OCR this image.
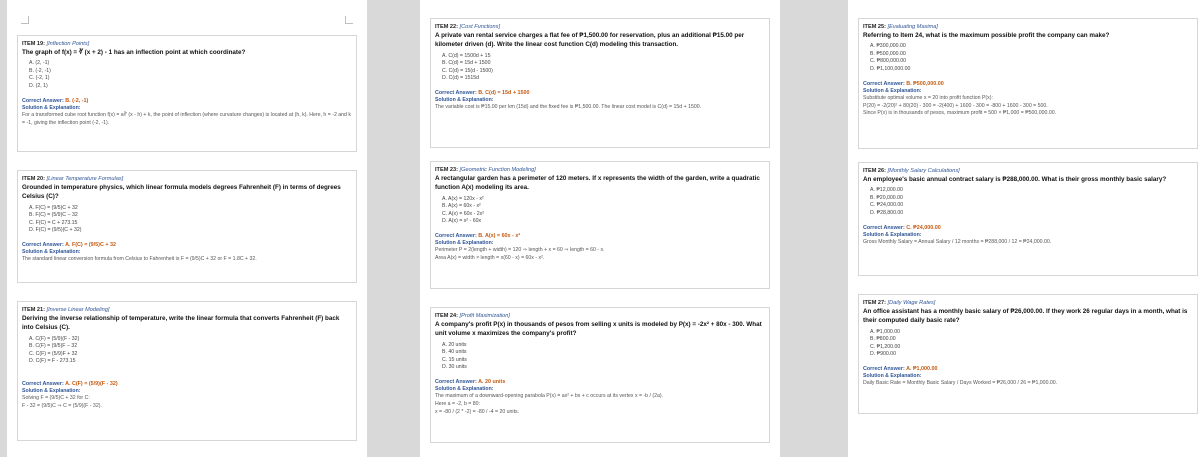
ITEM 19: [Inflection Points]
The graph of f(x) = ∛ (x + 2) - 1 has an inflection point at which coordinate?
A. (2, -1)
B. (-2, -1)
C. (-2, 1)
D. (2, 1)
Correct Answer: B. (-2, -1)
Solution & Explanation:
For a transformed cube root function f(x) = a∛ (x - h) + k, the point of inflection (where curvature changes) is located at (h, k). Here, h = -2 and k = -1, giving the inflection point (-2, -1).
ITEM 20: [Linear Temperature Formulas]
Grounded in temperature physics, which linear formula models degrees Fahrenheit (F) in terms of degrees Celsius (C)?
A. F(C) = (9/5)C + 32
B. F(C) = (5/9)C − 32
C. F(C) = C + 273.15
D. F(C) = (9/5)(C + 32)
Correct Answer: A. F(C) = (9/5)C + 32
Solution & Explanation:
The standard linear conversion formula from Celsius to Fahrenheit is F = (9/5)C + 32 or F = 1.8C + 32.
ITEM 21: [Inverse Linear Modeling]
Deriving the inverse relationship of temperature, write the linear formula that converts Fahrenheit (F) back into Celsius (C).
A. C(F) = (5/9)(F - 32)
B. C(F) = (9/5)F − 32
C. C(F) = (5/9)F + 32
D. C(F) = F - 273.15
Correct Answer: A. C(F) = (5/9)(F - 32)
Solution & Explanation:
Solving F = (9/5)C + 32 for C:
F - 32 = (9/5)C ⇒ C = (5/9)(F - 32).
ITEM 22: [Cost Functions]
A private van rental service charges a flat fee of ₱1,500.00 for reservation, plus an additional ₱15.00 per kilometer driven (d). Write the linear cost function C(d) modeling this transaction.
A. C(d) = 1500d + 15
B. C(d) = 15d + 1500
C. C(d) = 15(d - 1500)
D. C(d) = 1515d
Correct Answer: B. C(d) = 15d + 1500
Solution & Explanation:
The variable cost is ₱15.00 per km (15d) and the fixed fee is ₱1,500.00. The linear cost model is C(d) = 15d + 1500.
ITEM 23: [Geometric Function Modeling]
A rectangular garden has a perimeter of 120 meters. If x represents the width of the garden, write a quadratic function A(x) modeling its area.
A. A(x) = 120x - x²
B. A(x) = 60x - x²
C. A(x) = 60x - 2x²
D. A(x) = x² - 60x
Correct Answer: B. A(x) = 60x - x²
Solution & Explanation:
Perimeter P = 2(length + width) = 120 ⇒ length + x = 60 ⇒ length = 60 - x.
Area A(x) = width × length = x(60 - x) = 60x - x².
ITEM 24: [Profit Maximization]
A company's profit P(x) in thousands of pesos from selling x units is modeled by P(x) = -2x² + 80x - 300. What unit volume x maximizes the company's profit?
A. 20 units
B. 40 units
C. 15 units
D. 30 units
Correct Answer: A. 20 units
Solution & Explanation:
The maximum of a downward-opening parabola P(x) = ax² + bx + c occurs at its vertex x = -b / (2a).
Here a = -2, b = 80:
x = -80 / (2 * -2) = -80 / -4 = 20 units.
ITEM 25: [Evaluating Maxima]
Referring to Item 24, what is the maximum possible profit the company can make?
A. ₱300,000.00
B. ₱500,000.00
C. ₱800,000.00
D. ₱1,100,000.00
Correct Answer: B. ₱500,000.00
Solution & Explanation:
Substitute optimal volume x = 20 into profit function P(x):
P(20) = -2(20)² + 80(20) - 300 = -2(400) + 1600 - 300 = -800 + 1600 - 300 = 500.
Since P(x) is in thousands of pesos, maximum profit = 500 × ₱1,000 = ₱500,000.00.
ITEM 26: [Monthly Salary Calculations]
An employee's basic annual contract salary is ₱288,000.00. What is their gross monthly basic salary?
A. ₱12,000.00
B. ₱20,000.00
C. ₱24,000.00
D. ₱28,800.00
Correct Answer: C. ₱24,000.00
Solution & Explanation:
Gross Monthly Salary = Annual Salary / 12 months = ₱288,000 / 12 = ₱24,000.00.
ITEM 27: [Daily Wage Rates]
An office assistant has a monthly basic salary of ₱26,000.00. If they work 26 regular days in a month, what is their computed daily basic rate?
A. ₱1,000.00
B. ₱800.00
C. ₱1,200.00
D. ₱900.00
Correct Answer: A. ₱1,000.00
Solution & Explanation:
Daily Basic Rate = Monthly Basic Salary / Days Worked = ₱26,000 / 26 = ₱1,000.00.
